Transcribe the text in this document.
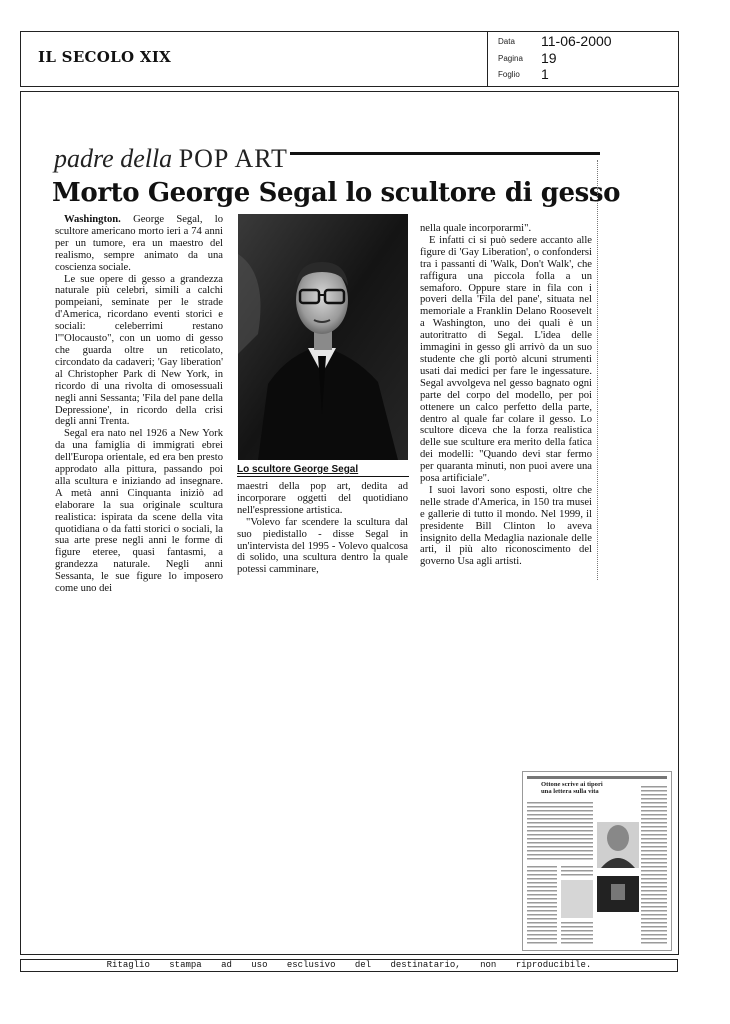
IL SECOLO XIX
Data 11-06-2000
Pagina 19
Foglio 1
padre della POP ART
Morto George Segal lo scultore di gesso

Washington. George Segal, lo scultore americano morto ieri a 74 anni per un tumore, era un maestro del realismo, sempre animato da una coscienza sociale.

Le sue opere di gesso a grandezza naturale più celebri, simili a calchi pompeiani, seminate per le strade d'America, ricordano eventi storici e sociali: celeberrimi restano l'"Olocausto", con un uomo di gesso che guarda oltre un reticolato, circondato da cadaveri; 'Gay liberation' al Christopher Park di New York, in ricordo di una rivolta di omosessuali negli anni Sessanta; 'Fila del pane della Depressione', in ricordo della crisi degli anni Trenta.

Segal era nato nel 1926 a New York da una famiglia di immigrati ebrei dell'Europa orientale, ed era ben presto approdato alla pittura, passando poi alla scultura e iniziando ad insegnare. A metà anni Cinquanta iniziò ad elaborare la sua originale scultura realistica: ispirata da scene della vita quotidiana o da fatti storici o sociali, la sua arte prese negli anni le forme di figure eteree, quasi fantasmi, a grandezza naturale. Negli anni Sessanta, le sue figure lo imposero come uno dei

Lo scultore George Segal

maestri della pop art, dedita ad incorporare oggetti del quotidiano nell'espressione artistica.

"Volevo far scendere la scultura dal suo piedistallo - disse Segal in un'intervista del 1995 - Volevo qualcosa di solido, una scultura dentro la quale potessi camminare,

nella quale incorporarmi".

E infatti ci si può sedere accanto alle figure di 'Gay Liberation', o confondersi tra i passanti di 'Walk, Don't Walk', che raffigura una piccola folla a un semaforo. Oppure stare in fila con i poveri della 'Fila del pane', situata nel memoriale a Franklin Delano Roosevelt a Washington, uno dei quali è un autoritratto di Segal. L'idea delle immagini in gesso gli arrivò da un suo studente che gli portò alcuni strumenti usati dai medici per fare le ingessature. Segal avvolgeva nel gesso bagnato ogni parte del corpo del modello, per poi ottenere un calco perfetto della parte, dentro al quale far colare il gesso. Lo scultore diceva che la forza realistica delle sue sculture era merito della fatica dei modelli: "Quando devi star fermo per quaranta minuti, non puoi avere una posa artificiale".

I suoi lavori sono esposti, oltre che nelle strade d'America, in 150 tra musei e gallerie di tutto il mondo. Nel 1999, il presidente Bill Clinton lo aveva insignito della Medaglia nazionale delle arti, il più alto riconoscimento del governo Usa agli artisti.

Ottone scrive ai tipori una lettera sulla vita
Ritaglio stampa ad uso esclusivo del destinatario, non riproducibile.
